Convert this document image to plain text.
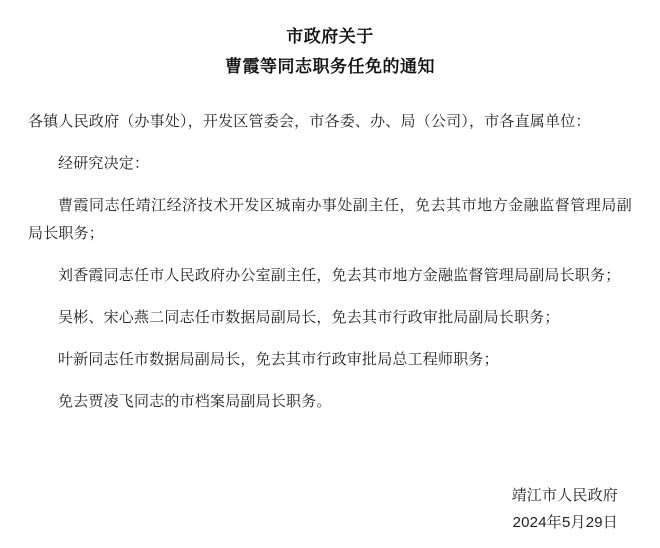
市政府关于
曹霞等同志职务任免的通知

各镇人民政府（办事处），开发区管委会，市各委、办、局（公司），市各直属单位：

经研究决定：

曹霞同志任靖江经济技术开发区城南办事处副主任，免去其市地方金融监督管理局副局长职务；

刘香霞同志任市人民政府办公室副主任，免去其市地方金融监督管理局副局长职务；

吴彬、宋心燕二同志任市数据局副局长，免去其市行政审批局副局长职务；

叶新同志任市数据局副局长，免去其市行政审批局总工程师职务；

免去贾凌飞同志的市档案局副局长职务。

靖江市人民政府
2024年5月29日
